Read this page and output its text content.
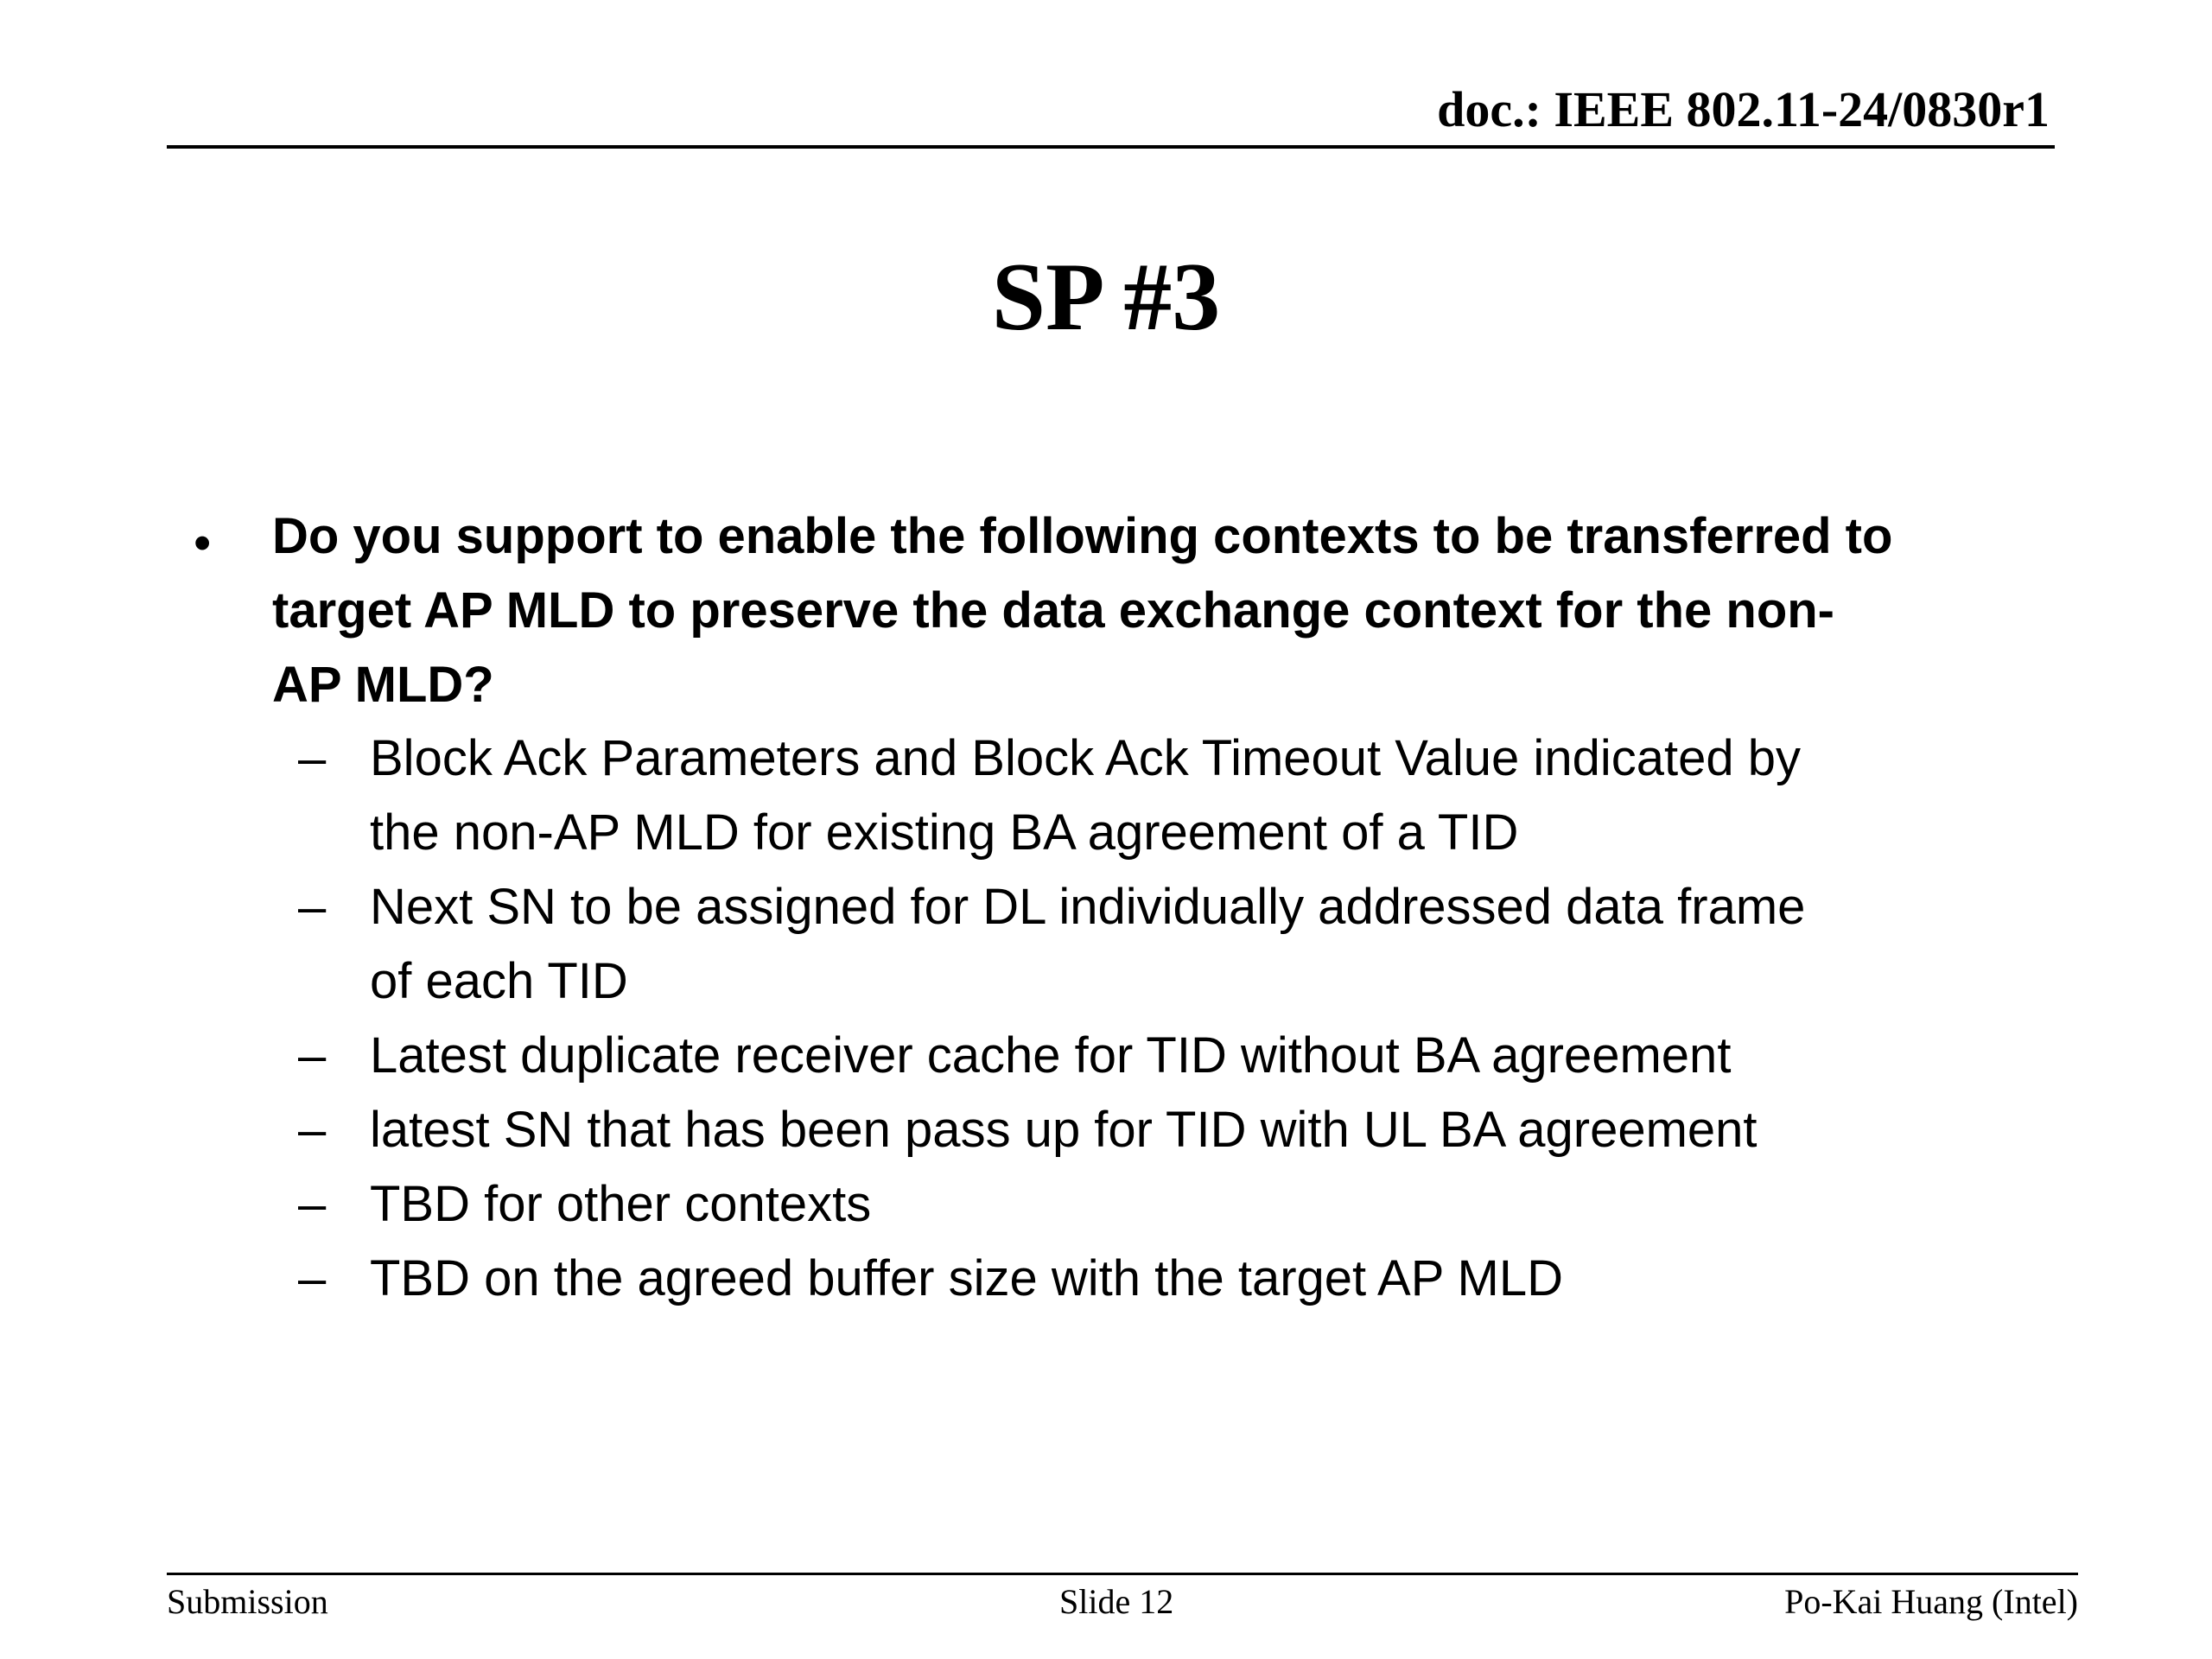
doc.: IEEE 802.11-24/0830r1
SP #3
• Do you support to enable the following contexts to be transferred to
target AP MLD to preserve the data exchange context for the non-
AP MLD?
– Block Ack Parameters and Block Ack Timeout Value indicated by
the non-AP MLD for existing BA agreement of a TID
– Next SN to be assigned for DL individually addressed data frame
of each TID
– Latest duplicate receiver cache for TID without BA agreement
– latest SN that has been pass up for TID with UL BA agreement
– TBD for other contexts
– TBD on the agreed buffer size with the target AP MLD
Submission	Slide 12	Po-Kai Huang (Intel)
